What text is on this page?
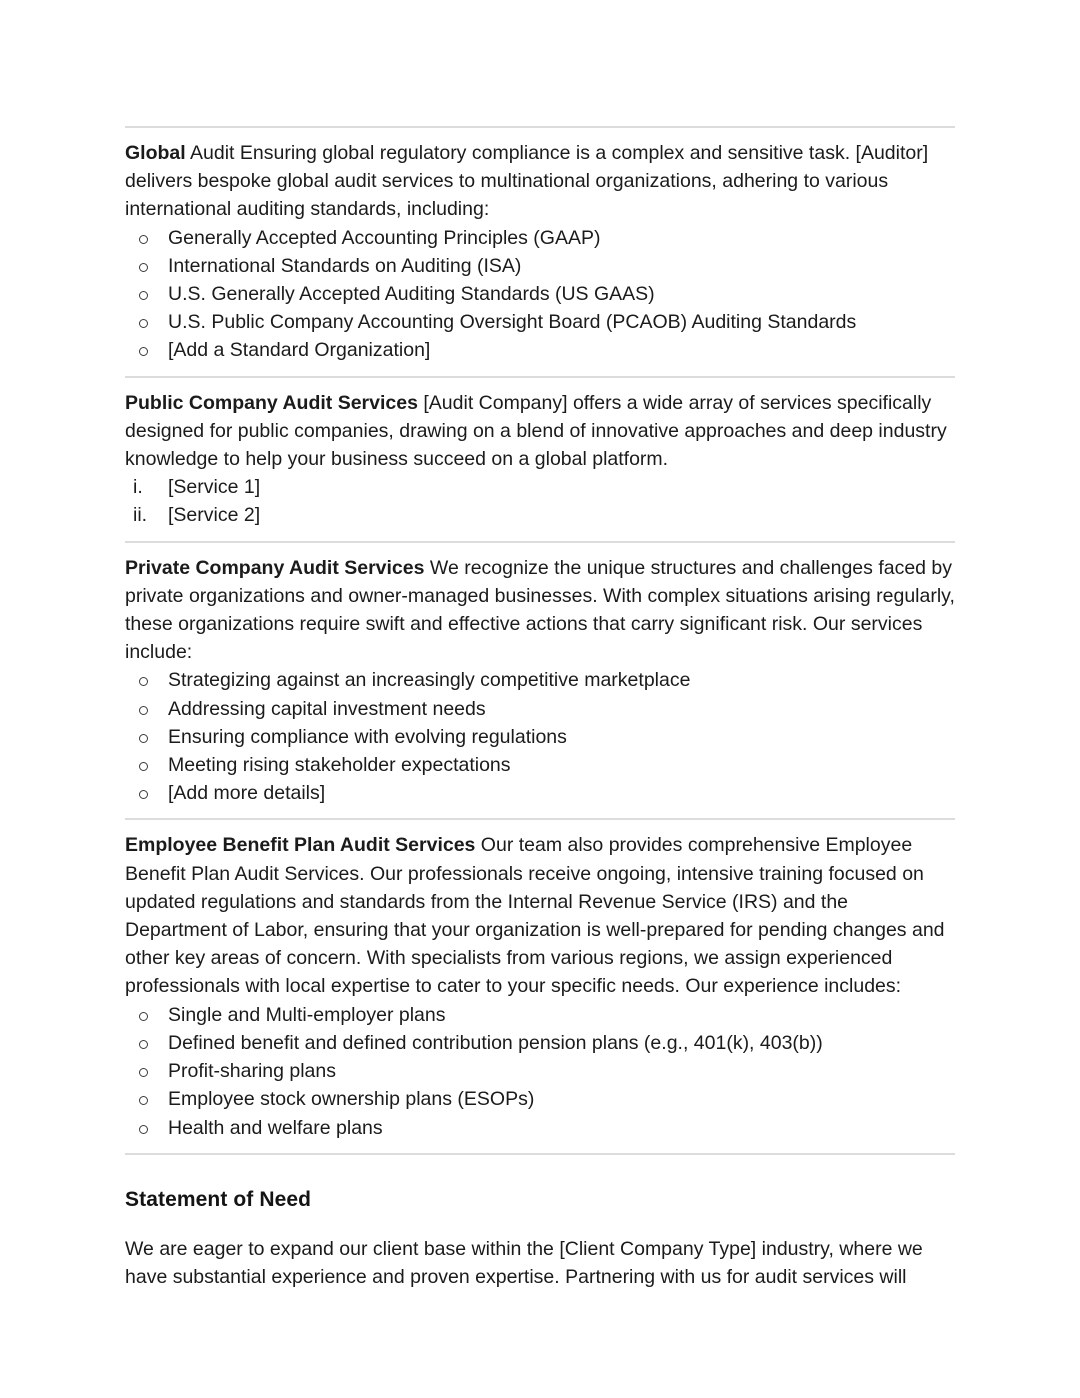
Global Audit Ensuring global regulatory compliance is a complex and sensitive task. [Auditor] delivers bespoke global audit services to multinational organizations, adhering to various international auditing standards, including:

Generally Accepted Accounting Principles (GAAP)
International Standards on Auditing (ISA)
U.S. Generally Accepted Auditing Standards (US GAAS)
U.S. Public Company Accounting Oversight Board (PCAOB) Auditing Standards
[Add a Standard Organization]

Public Company Audit Services [Audit Company] offers a wide array of services specifically designed for public companies, drawing on a blend of innovative approaches and deep industry knowledge to help your business succeed on a global platform.

i.	[Service 1]
ii.	[Service 2]

Private Company Audit Services We recognize the unique structures and challenges faced by private organizations and owner-managed businesses. With complex situations arising regularly, these organizations require swift and effective actions that carry significant risk. Our services include:

Strategizing against an increasingly competitive marketplace
Addressing capital investment needs
Ensuring compliance with evolving regulations
Meeting rising stakeholder expectations
[Add more details]

Employee Benefit Plan Audit Services Our team also provides comprehensive Employee Benefit Plan Audit Services. Our professionals receive ongoing, intensive training focused on updated regulations and standards from the Internal Revenue Service (IRS) and the Department of Labor, ensuring that your organization is well-prepared for pending changes and other key areas of concern. With specialists from various regions, we assign experienced professionals with local expertise to cater to your specific needs. Our experience includes:

Single and Multi-employer plans
Defined benefit and defined contribution pension plans (e.g., 401(k), 403(b))
Profit-sharing plans
Employee stock ownership plans (ESOPs)
Health and welfare plans
Statement of Need

We are eager to expand our client base within the [Client Company Type] industry, where we have substantial experience and proven expertise. Partnering with us for audit services will
